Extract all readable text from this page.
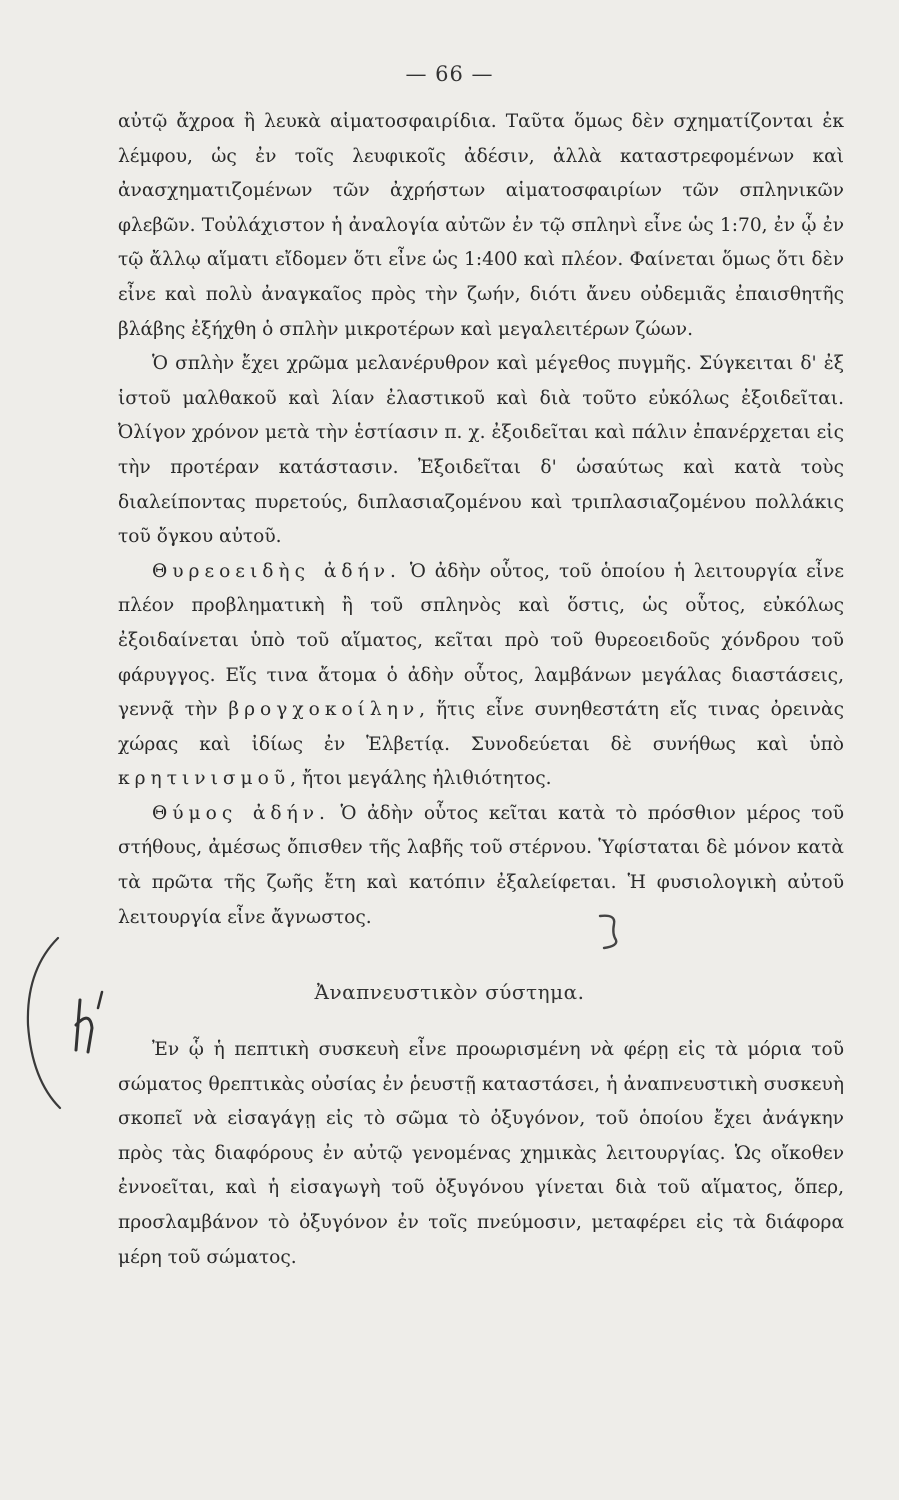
— 66 —

αὐτῷ ἄχροα ἢ λευκὰ αἱματοσφαιρίδια. Ταῦτα ὅμως δὲν σχηματίζονται ἐκ λέμφου, ὡς ἐν τοῖς λευφικοῖς ἀδέσιν, ἀλλὰ καταστρεφομένων καὶ ἀνασχηματιζομένων τῶν ἀχρήστων αἱματοσφαιρίων τῶν σπληνικῶν φλεβῶν. Τοὐλάχιστον ἡ ἀναλογία αὐτῶν ἐν τῷ σπληνὶ εἶνε ὡς 1:70, ἐν ᾧ ἐν τῷ ἄλλῳ αἵματι εἴδομεν ὅτι εἶνε ὡς 1:400 καὶ πλέον. Φαίνεται ὅμως ὅτι δὲν εἶνε καὶ πολὺ ἀναγκαῖος πρὸς τὴν ζωήν, διότι ἄνευ οὐδεμιᾶς ἐπαισθητῆς βλάβης ἐξήχθη ὁ σπλὴν μικροτέρων καὶ μεγαλειτέρων ζώων.

Ὁ σπλὴν ἔχει χρῶμα μελανέρυθρον καὶ μέγεθος πυγμῆς. Σύγκειται δ' ἐξ ἱστοῦ μαλθακοῦ καὶ λίαν ἐλαστικοῦ καὶ διὰ τοῦτο εὐκόλως ἐξοιδεῖται. Ὀλίγον χρόνον μετὰ τὴν ἑστίασιν π. χ. ἐξοιδεῖται καὶ πάλιν ἐπανέρχεται εἰς τὴν προτέραν κατάστασιν. Ἐξοιδεῖται δ' ὡσαύτως καὶ κατὰ τοὺς διαλείποντας πυρετούς, διπλασιαζομένου καὶ τριπλασιαζομένου πολλάκις τοῦ ὄγκου αὐτοῦ.

Θυρεοειδὴς ἀδήν. Ὁ ἀδὴν οὗτος, τοῦ ὁποίου ἡ λειτουργία εἶνε πλέον προβληματικὴ ἢ τοῦ σπληνὸς καὶ ὅστις, ὡς οὗτος, εὐκόλως ἐξοιδαίνεται ὑπὸ τοῦ αἵματος, κεῖται πρὸ τοῦ θυρεοειδοῦς χόνδρου τοῦ φάρυγγος. Εἴς τινα ἄτομα ὁ ἀδὴν οὗτος, λαμβάνων μεγάλας διαστάσεις, γεννᾷ τὴν βρογχοκοίλην, ἥτις εἶνε συνηθεστάτη εἴς τινας ὀρεινὰς χώρας καὶ ἰδίως ἐν Ἑλβετίᾳ. Συνοδεύεται δὲ συνήθως καὶ ὑπὸ κρητινισμοῦ, ἤτοι μεγάλης ἠλιθιότητος.

Θύμος ἀδήν. Ὁ ἀδὴν οὗτος κεῖται κατὰ τὸ πρόσθιον μέρος τοῦ στήθους, ἀμέσως ὄπισθεν τῆς λαβῆς τοῦ στέρνου. Ὑφίσταται δὲ μόνον κατὰ τὰ πρῶτα τῆς ζωῆς ἔτη καὶ κατόπιν ἐξαλείφεται. Ἡ φυσιολογικὴ αὐτοῦ λειτουργία εἶνε ἄγνωστος.

Ἀναπνευστικὸν σύστημα.

Ἐν ᾧ ἡ πεπτικὴ συσκευὴ εἶνε προωρισμένη νὰ φέρῃ εἰς τὰ μόρια τοῦ σώματος θρεπτικὰς οὐσίας ἐν ῥευστῇ καταστάσει, ἡ ἀναπνευστικὴ συσκευὴ σκοπεῖ νὰ εἰσαγάγῃ εἰς τὸ σῶμα τὸ ὀξυγόνον, τοῦ ὁποίου ἔχει ἀνάγκην πρὸς τὰς διαφόρους ἐν αὐτῷ γενομένας χημικὰς λειτουργίας. Ὡς οἴκοθεν ἐννοεῖται, καὶ ἡ εἰσαγωγὴ τοῦ ὀξυγόνου γίνεται διὰ τοῦ αἵματος, ὅπερ, προσλαμβάνον τὸ ὀξυγόνον ἐν τοῖς πνεύμοσιν, μεταφέρει εἰς τὰ διάφορα μέρη τοῦ σώματος.
